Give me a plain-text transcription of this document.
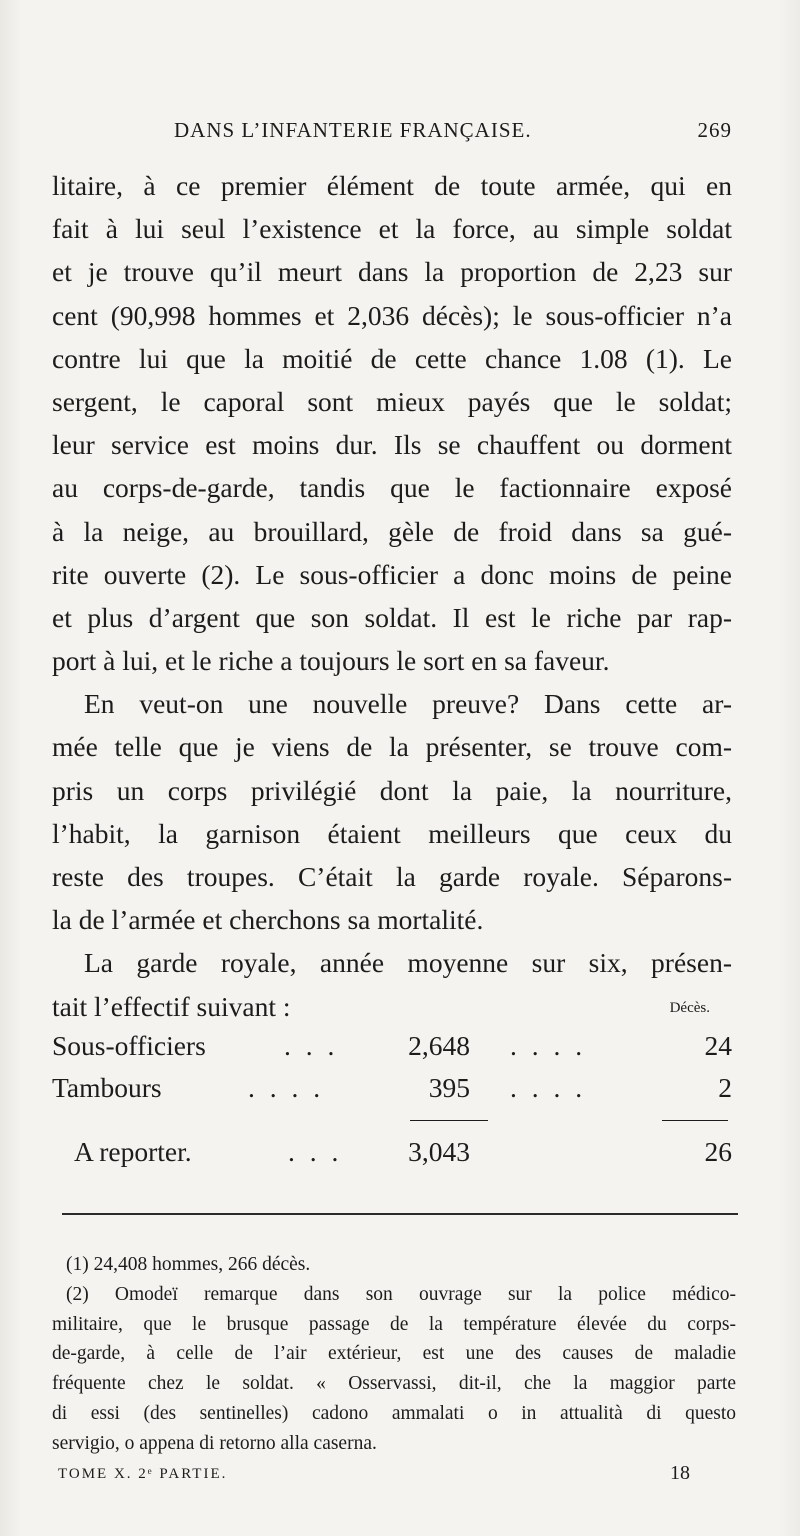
DANS L’INFANTERIE FRANÇAISE.	269
litaire, à ce premier élément de toute armée, qui en
fait à lui seul l’existence et la force, au simple soldat
et je trouve qu’il meurt dans la proportion de 2,23 sur
cent (90,998 hommes et 2,036 décès); le sous-officier n’a
contre lui que la moitié de cette chance 1.08 (1). Le
sergent, le caporal sont mieux payés que le soldat;
leur service est moins dur. Ils se chauffent ou dorment
au corps-de-garde, tandis que le factionnaire exposé
à la neige, au brouillard, gèle de froid dans sa gué-
rite ouverte (2). Le sous-officier a donc moins de peine
et plus d’argent que son soldat. Il est le riche par rap-
port à lui, et le riche a toujours le sort en sa faveur.
En veut-on une nouvelle preuve? Dans cette ar-
mée telle que je viens de la présenter, se trouve com-
pris un corps privilégié dont la paie, la nourriture,
l’habit, la garnison étaient meilleurs que ceux du
reste des troupes. C’était la garde royale. Séparons-
la de l’armée et cherchons sa mortalité.
La garde royale, année moyenne sur six, présen-
tait l’effectif suivant :	Décès.
Sous-officiers	. . .	2,648 . . . .	24
Tambours	. . . .	395 . . . .	2
A reporter.	. . . 3,043	26
(1) 24,408 hommes, 266 décès.
(2) Omodeï remarque dans son ouvrage sur la police médico-
militaire, que le brusque passage de la température élevée du corps-
de-garde, à celle de l’air extérieur, est une des causes de maladie
fréquente chez le soldat. « Osservassi, dit-il, che la maggior parte
di essi (des sentinelles) cadono ammalati o in attualità di questo
servigio, o appena di retorno alla caserna.
TOME X. 2ᵉ PARTIE.	18
